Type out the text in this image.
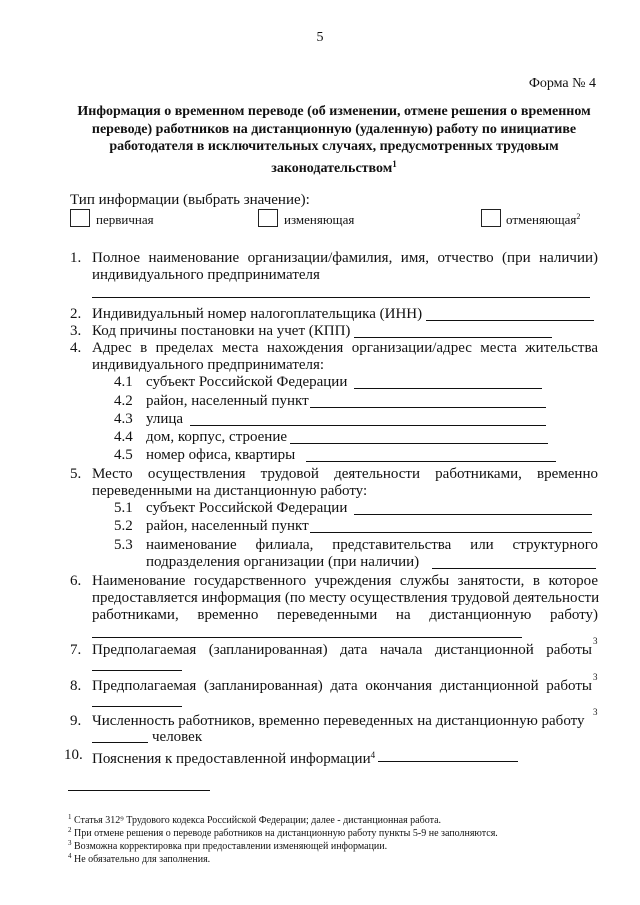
5
Форма № 4
Информация о временном переводе (об изменении, отмене решения о временном переводе) работников на дистанционную (удаленную) работу по инициативе работодателя в исключительных случаях, предусмотренных трудовым законодательством$^1$
Тип информации (выбрать значение):
первичная	изменяющая	отменяющая$^2$
1. Полное наименование организации/фамилия, имя, отчество (при наличии)
индивидуального предпринимателя
2. Индивидуальный номер налогоплательщика (ИНН)
3. Код причины постановки на учет (КПП)
4. Адрес в пределах места нахождения организации/адрес места жительства
индивидуального предпринимателя:
4.1 субъект Российской Федерации
4.2 район, населенный пункт
4.3 улица
4.4 дом, корпус, строение
4.5 номер офиса, квартиры
5. Место осуществления трудовой деятельности работниками, временно
переведенными на дистанционную работу:
5.1 субъект Российской Федерации
5.2 район, населенный пункт
5.3 наименование филиала, представительства или структурного
подразделения организации (при наличии)
6. Наименование государственного учреждения службы занятости, в которое
предоставляется информация (по месту осуществления трудовой деятельности
работниками, временно переведенными на дистанционную работу)
7. Предполагаемая (запланированная) дата начала дистанционной работы
3
8. Предполагаемая (запланированная) дата окончания дистанционной работы
3
9. Численность работников, временно переведенных на дистанционную работу
3
человек
10. Пояснения к предоставленной информации$^4$
$^1$ Статья 312⁹ Трудового кодекса Российской Федерации; далее - дистанционная работа.
$^2$ При отмене решения о переводе работников на дистанционную работу пункты 5-9 не заполняются.
$^3$ Возможна корректировка при предоставлении изменяющей информации.
$^4$ Не обязательно для заполнения.
